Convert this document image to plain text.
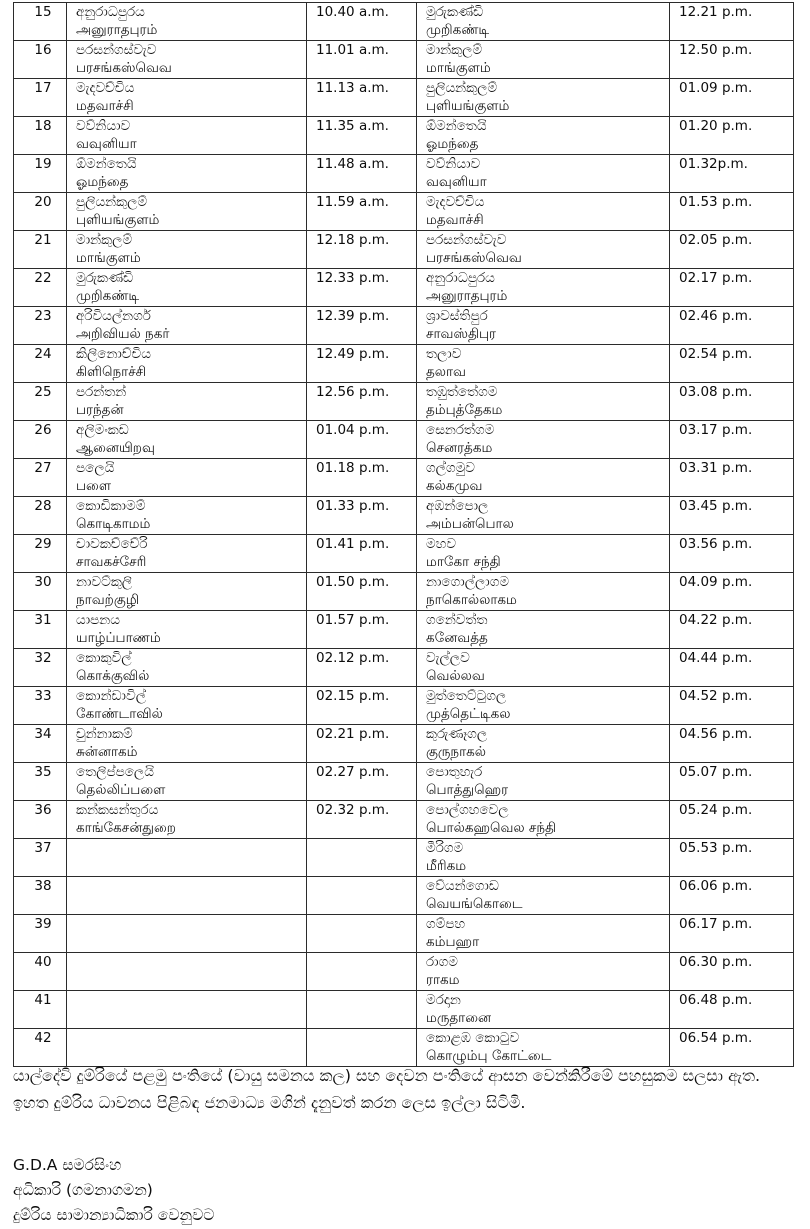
15	අනුරාධපුරය
அனுராதபுரம்
	10.40 a.m.	මුරුකණ්ඩි
முறிகண்டி
	12.21 p.m.
16	පරසන්ගස්වැව
பரசங்கஸ்வெவ
	11.01 a.m.	මාන්කුලම්
மாங்குளம்
	12.50 p.m.
17	මැදවච්චිය
மதவாச்சி
	11.13 a.m.	පුලියන්කුලම්
புளியங்குளம்
	01.09 p.m.
18	වව්නියාව
வவுனியா
	11.35 a.m.	ඕමන්තෙයි
ஓமந்தை
	01.20 p.m.
19	ඕමන්තෙයි
ஓமந்தை
	11.48 a.m.	වව්නියාව
வவுனியா
	01.32p.m.
20	පුලියන්කුලම්
புளியங்குளம்
	11.59 a.m.	මැදවච්චිය
மதவாச்சி
	01.53 p.m.
21	මාන්කුලම්
மாங்குளம்
	12.18 p.m.	පරසන්ගස්වැව
பரசங்கஸ்வெவ
	02.05 p.m.
22	මුරුකණ්ඩි
முறிகண்டி
	12.33 p.m.	අනුරාධපුරය
அனுராதபுரம்
	02.17 p.m.
23	අරිවියල්නගර්
அறிவியல் நகர்
	12.39 p.m.	ශ්‍රාවස්තිපුර
சாவஸ்திபுர
	02.46 p.m.
24	කිලිනොච්චිය
கிளிநொச்சி
	12.49 p.m.	තලාව
தலாவ
	02.54 p.m.
25	පරන්තන්
பரந்தன்
	12.56 p.m.	තඹුත්තේගම
தம்புத்தேகம
	03.08 p.m.
26	අලිමංකඩ
ஆனையிறவு
	01.04 p.m.	සෙනරත්ගම
செனரத்கம
	03.17 p.m.
27	පලෙයි
பளை
	01.18 p.m.	ගල්ගමුව
கல்கமுவ
	03.31 p.m.
28	කොඩිකාමම්
கொடிகாமம்
	01.33 p.m.	අඹන්පොල
அம்பன்பொல
	03.45 p.m.
29	චාවකච්චේරි
சாவகச்சேரி
	01.41 p.m.	මහව
மாகோ சந்தி
	03.56 p.m.
30	නාවට්කුලි
நாவற்குழி
	01.50 p.m.	නාගොල්ලාගම
நாகொல்லாகம
	04.09 p.m.
31	යාපනය
யாழ்ப்பாணம்
	01.57 p.m.	ගනේවත්ත
கனேவத்த
	04.22 p.m.
32	කොකුවිල්
கொக்குவில்
	02.12 p.m.	වැල්ලව
வெல்லவ
	04.44 p.m.
33	කොන්ඩාවිල්
கோண்டாவில்
	02.15 p.m.	මුත්තෙට්ටුගල
முத்தெட்டிகல
	04.52 p.m.
34	චුන්නාකම්
சுன்னாகம்
	02.21 p.m.	කුරුණෑගල
குருநாகல்
	04.56 p.m.
35	තෙලිප්පලෙයි
தெல்லிப்பளை
	02.27 p.m.	පොතුහැර
பொத்துஹெர
	05.07 p.m.
36	කන්කසන්තුරය
காங்கேசன்துறை
	02.32 p.m.	පොල්ගහවෙල
பொல்கஹவெல சந்தி
	05.24 p.m.
37			මීරිගම
மீரிகம	05.53 p.m.
38			වේයන්ගොඩ
வெயங்கொடை	06.06 p.m.
39			ගම්පහ
கம்பஹா	06.17 p.m.
40			රාගම
ராகம	06.30 p.m.
41			මරදාන
மருதானை	06.48 p.m.
42			කොළඹ කොටුව
கொழும்பு கோட்டை	06.54 p.m.

යාල්දේවි දුම්රියේ පළමු පංතියේ (වායු සමනය කල) සහ දෙවන පංතියේ ආසන වෙන්කිරීමේ පහසුකම සලසා ඇත.

ඉහත දුම්රිය ධාවනය පිළිබඳ ජනමාධ්‍ය මගින් දැනුවත් කරන ලෙස ඉල්ලා සිටිමි.

G.D.A සමරසිංහ
අධිකාරි (ගමනාගමන)
දුම්රිය සාමාන්‍යාධිකාරි වෙනුවට
